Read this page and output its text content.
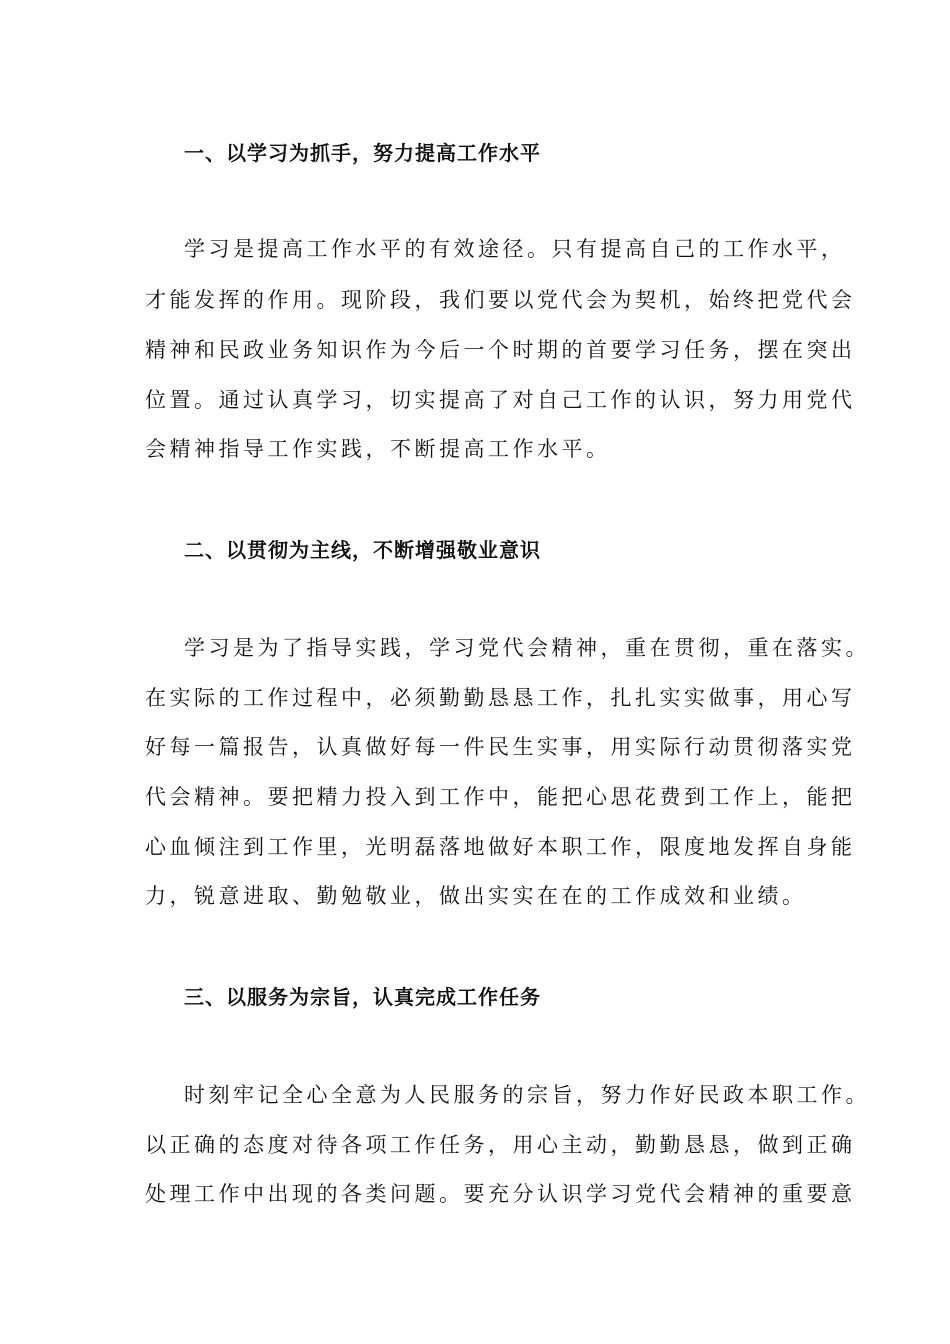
一、以学习为抓手，努力提高工作水平
学习是提高工作水平的有效途径。只有提高自己的工作水平，
才能发挥的作用。现阶段，我们要以党代会为契机，始终把党代会
精神和民政业务知识作为今后一个时期的首要学习任务，摆在突出
位置。通过认真学习，切实提高了对自己工作的认识，努力用党代
会精神指导工作实践，不断提高工作水平。
二、以贯彻为主线，不断增强敬业意识
学习是为了指导实践，学习党代会精神，重在贯彻，重在落实。
在实际的工作过程中，必须勤勤恳恳工作，扎扎实实做事，用心写
好每一篇报告，认真做好每一件民生实事，用实际行动贯彻落实党
代会精神。要把精力投入到工作中，能把心思花费到工作上，能把
心血倾注到工作里，光明磊落地做好本职工作，限度地发挥自身能
力，锐意进取、勤勉敬业，做出实实在在的工作成效和业绩。
三、以服务为宗旨，认真完成工作任务
时刻牢记全心全意为人民服务的宗旨，努力作好民政本职工作。
以正确的态度对待各项工作任务，用心主动，勤勤恳恳，做到正确
处理工作中出现的各类问题。要充分认识学习党代会精神的重要意
